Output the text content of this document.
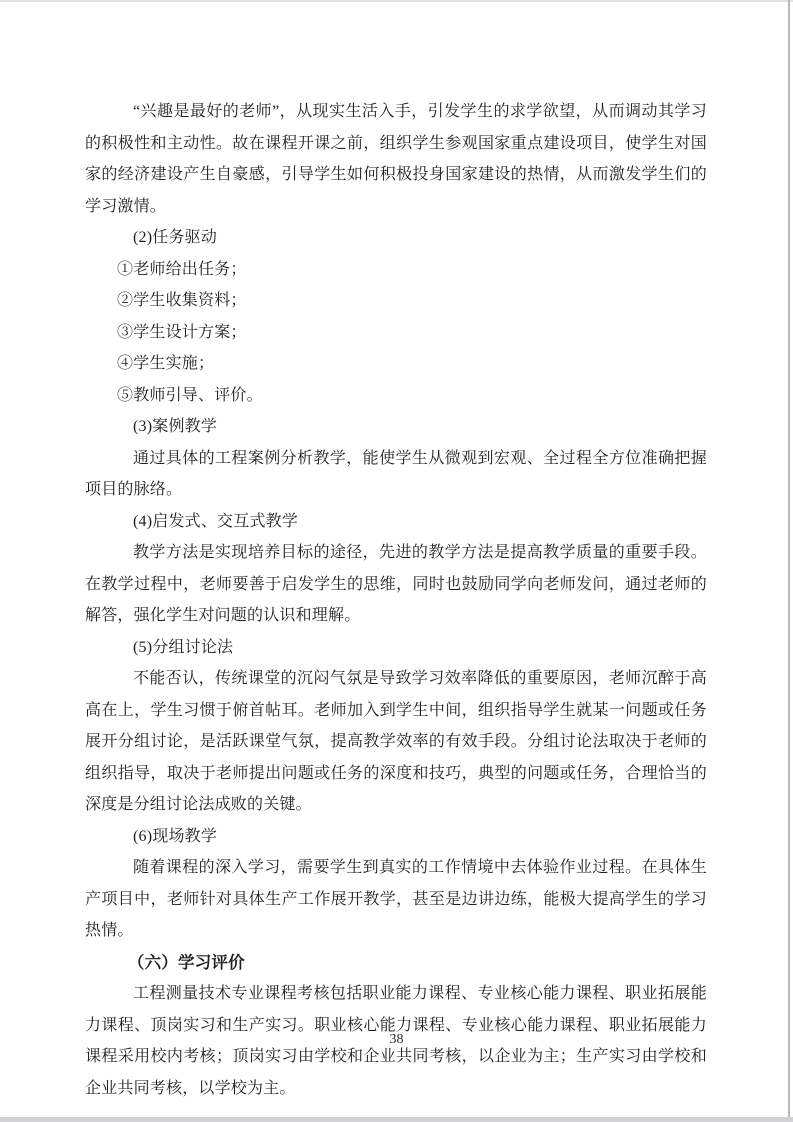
“兴趣是最好的老师”，从现实生活入手，引发学生的求学欲望，从而调动其学习的积极性和主动性。故在课程开课之前，组织学生参观国家重点建设项目，使学生对国家的经济建设产生自豪感，引导学生如何积极投身国家建设的热情，从而激发学生们的学习激情。
(2)任务驱动
①老师给出任务；
②学生收集资料；
③学生设计方案；
④学生实施；
⑤教师引导、评价。
(3)案例教学
通过具体的工程案例分析教学，能使学生从微观到宏观、全过程全方位准确把握项目的脉络。
(4)启发式、交互式教学
教学方法是实现培养目标的途径，先进的教学方法是提高教学质量的重要手段。在教学过程中，老师要善于启发学生的思维，同时也鼓励同学向老师发问，通过老师的解答，强化学生对问题的认识和理解。
(5)分组讨论法
不能否认，传统课堂的沉闷气氛是导致学习效率降低的重要原因，老师沉醉于高高在上，学生习惯于俯首帖耳。老师加入到学生中间，组织指导学生就某一问题或任务展开分组讨论，是活跃课堂气氛，提高教学效率的有效手段。分组讨论法取决于老师的组织指导，取决于老师提出问题或任务的深度和技巧，典型的问题或任务，合理恰当的深度是分组讨论法成败的关键。
(6)现场教学
随着课程的深入学习，需要学生到真实的工作情境中去体验作业过程。在具体生产项目中，老师针对具体生产工作展开教学，甚至是边讲边练，能极大提高学生的学习热情。
（六）学习评价
工程测量技术专业课程考核包括职业能力课程、专业核心能力课程、职业拓展能力课程、顶岗实习和生产实习。职业核心能力课程、专业核心能力课程、职业拓展能力课程采用校内考核；顶岗实习由学校和企业共同考核，以企业为主；生产实习由学校和企业共同考核，以学校为主。
38
